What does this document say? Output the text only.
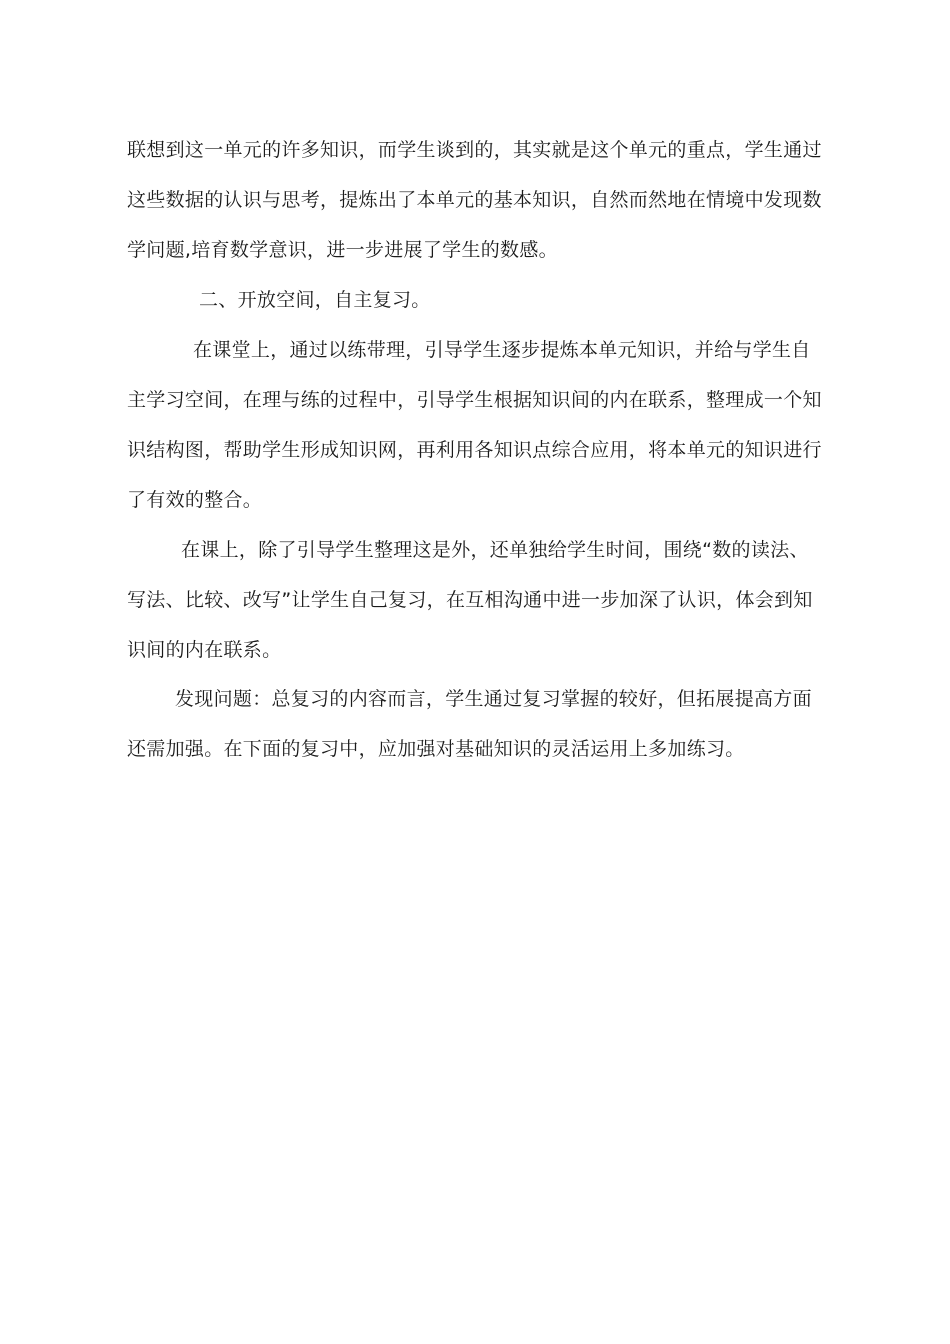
联想到这一单元的许多知识，而学生谈到的，其实就是这个单元的重点，学生通过
这些数据的认识与思考，提炼出了本单元的基本知识，自然而然地在情境中发现数
学问题,培育数学意识，进一步进展了学生的数感。
二、开放空间，自主复习。
在课堂上，通过以练带理，引导学生逐步提炼本单元知识，并给与学生自
主学习空间，在理与练的过程中，引导学生根据知识间的内在联系，整理成一个知
识结构图，帮助学生形成知识网，再利用各知识点综合应用，将本单元的知识进行
了有效的整合。
在课上，除了引导学生整理这是外，还单独给学生时间，围绕“数的读法、
写法、比较、改写”让学生自己复习，在互相沟通中进一步加深了认识，体会到知
识间的内在联系。
发现问题：总复习的内容而言，学生通过复习掌握的较好，但拓展提高方面
还需加强。在下面的复习中，应加强对基础知识的灵活运用上多加练习。
